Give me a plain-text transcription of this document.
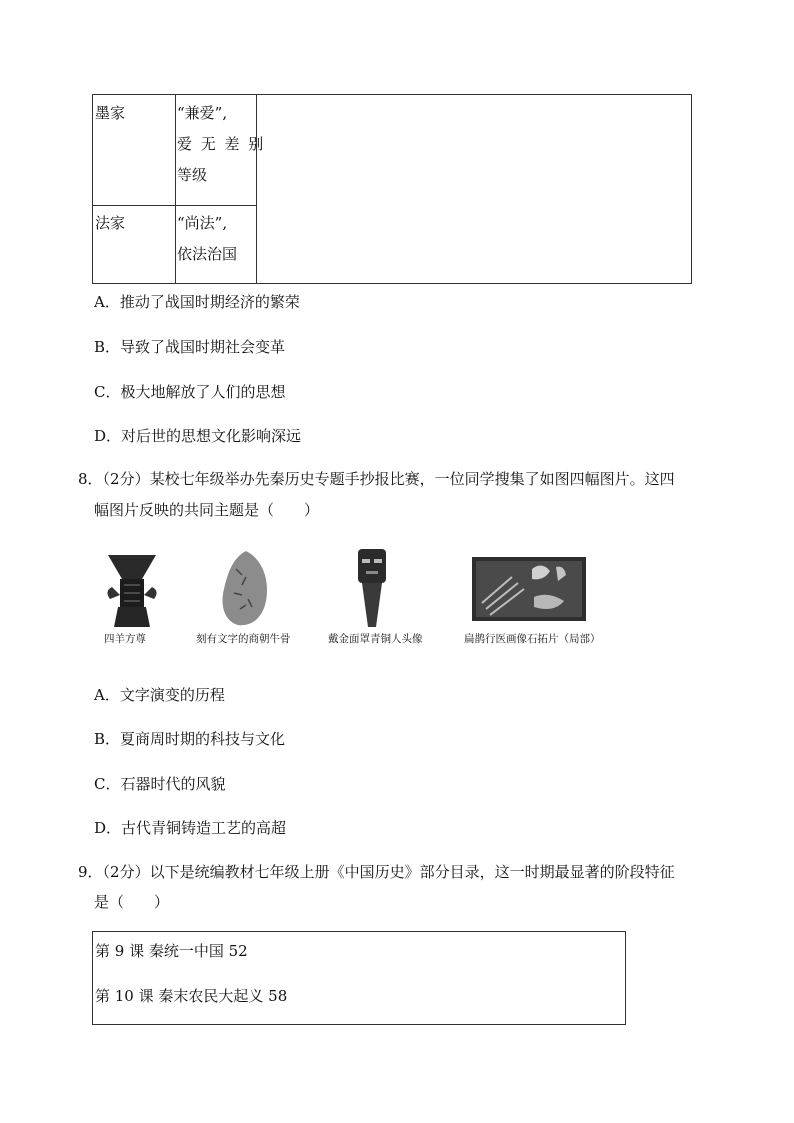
墨家	“兼爱”,
爱 无 差 别
等级
法家	“尚法”,
依法治国
A．推动了战国时期经济的繁荣
B．导致了战国时期社会变革
C．极大地解放了人们的思想
D．对后世的思想文化影响深远
8．（2分）某校七年级举办先秦历史专题手抄报比赛，一位同学搜集了如图四幅图片。这四
幅图片反映的共同主题是（　　）
四羊方尊	刻有文字的商朝牛骨	戴金面罩青铜人头像	扁鹊行医画像石拓片（局部）
A．文字演变的历程
B．夏商周时期的科技与文化
C．石器时代的风貌
D．古代青铜铸造工艺的高超
9．（2分）以下是统编教材七年级上册《中国历史》部分目录，这一时期最显著的阶段特征
是（　　）
第 9 课 秦统一中国 52
第 10 课 秦末农民大起义 58
